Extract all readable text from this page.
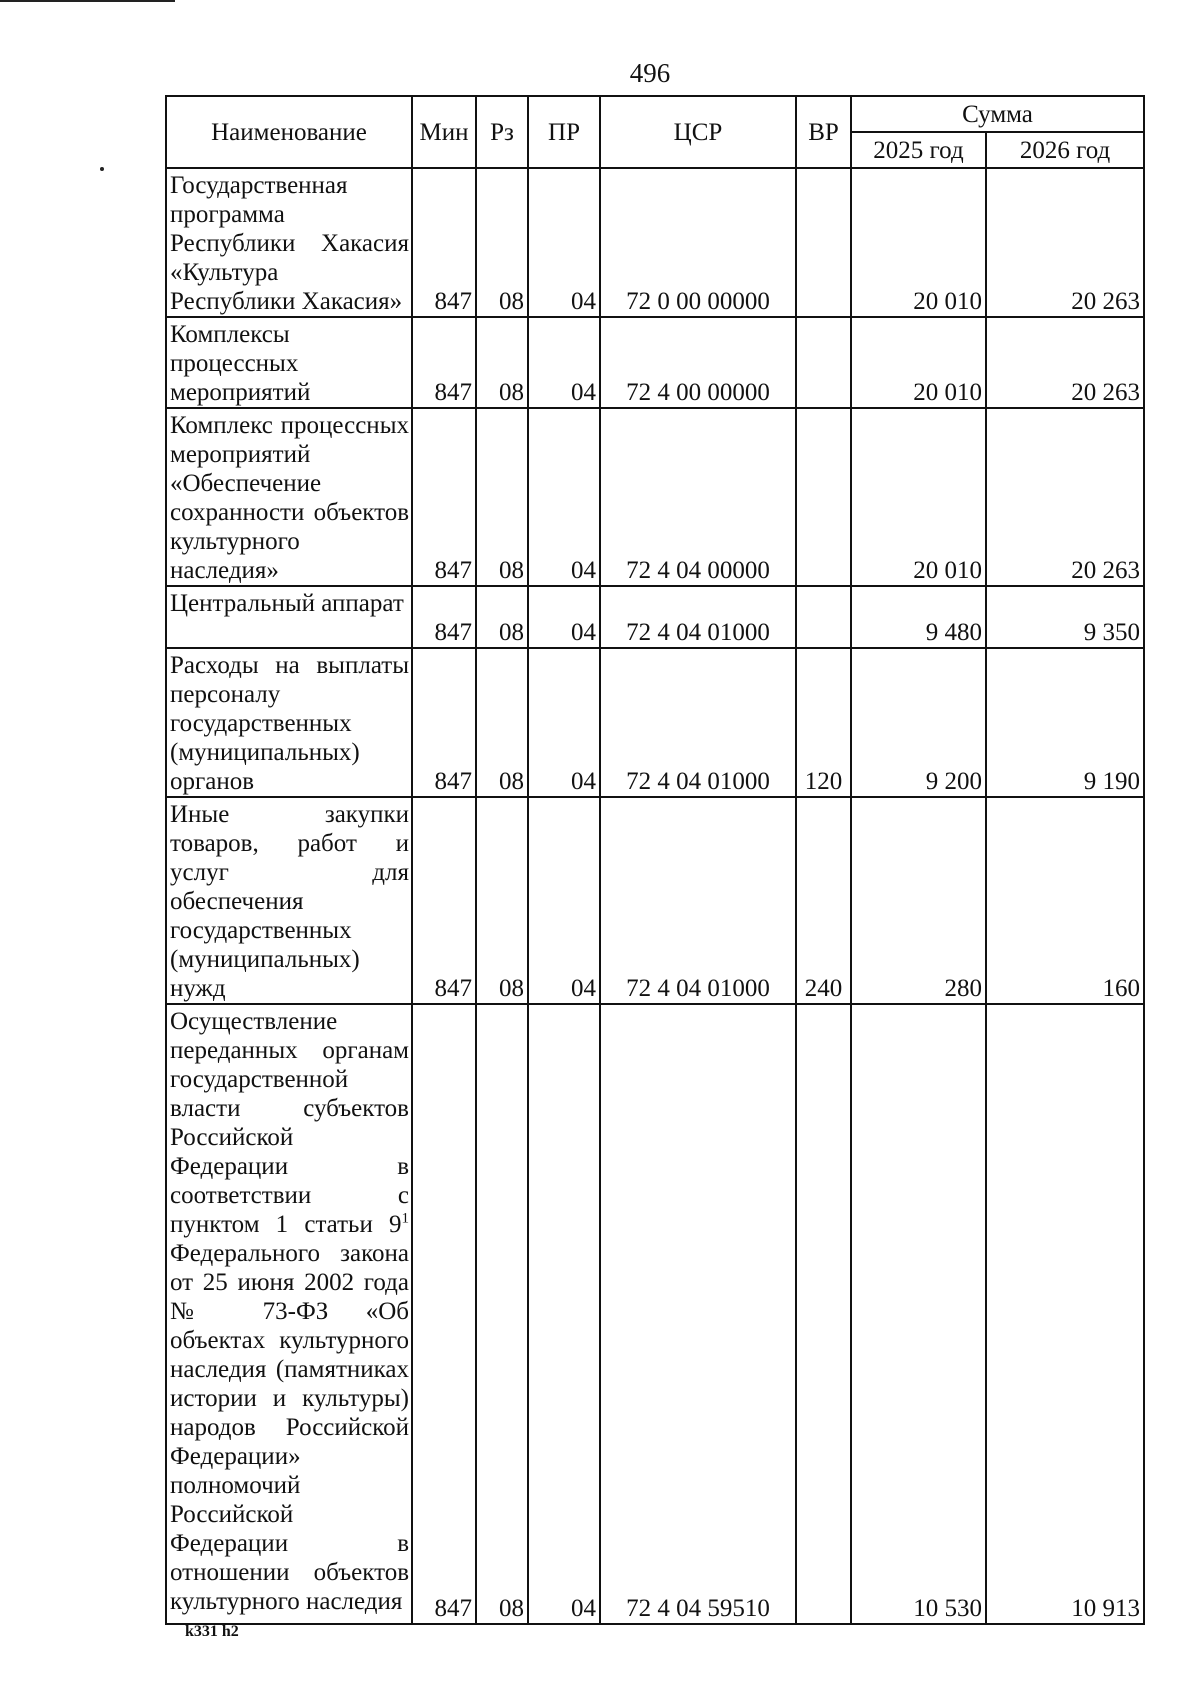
496
Наименование	Мин	Рз	ПР	ЦСР	ВР	Сумма	
						2025 год	2026 год
Государственная программа Республики Хакасия «Культура Республики Хакасия»	847	08	04	72 0 00 00000		20 010	20 263
Комплексы процессных мероприятий	847	08	04	72 4 00 00000		20 010	20 263
Комплекс процессных мероприятий «Обеспечение сохранности объектов культурного наследия»	847	08	04	72 4 04 00000		20 010	20 263
Центральный аппарат	847	08	04	72 4 04 01000		9 480	9 350
Расходы на выплаты персоналу государственных (муниципальных) органов	847	08	04	72 4 04 01000	120	9 200	9 190
Иные закупки товаров, работ и услуг для обеспечения государственных (муниципальных) нужд	847	08	04	72 4 04 01000	240	280	160
Осуществление переданных органам государственной власти субъектов Российской Федерации в соответствии с пунктом 1 статьи $9^1$ Федерального закона от 25 июня 2002 года № 73-ФЗ «Об объектах культурного наследия (памятниках истории и культуры) народов Российской Федерации» полномочий Российской Федерации в отношении объектов культурного наследия	847	08	04	72 4 04 59510		10 530	10 913
k331 h2
